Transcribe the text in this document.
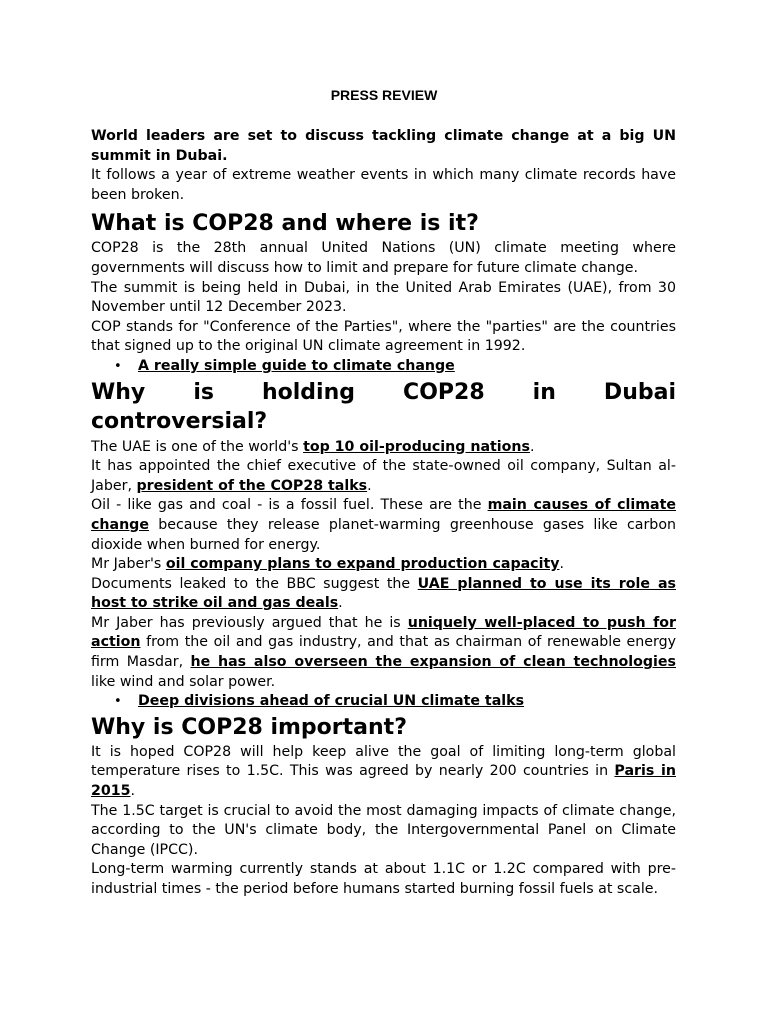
PRESS REVIEW

World leaders are set to discuss tackling climate change at a big UN summit in Dubai.

It follows a year of extreme weather events in which many climate records have been broken.

What is COP28 and where is it?

COP28 is the 28th annual United Nations (UN) climate meeting where governments will discuss how to limit and prepare for future climate change.

The summit is being held in Dubai, in the United Arab Emirates (UAE), from 30 November until 12 December 2023.

COP stands for "Conference of the Parties", where the "parties" are the countries that signed up to the original UN climate agreement in 1992.

• A really simple guide to climate change
Why is holding COP28 in Dubai
controversial?

The UAE is one of the world's top 10 oil-producing nations.

It has appointed the chief executive of the state-owned oil company, Sultan al-Jaber, president of the COP28 talks.

Oil - like gas and coal - is a fossil fuel. These are the main causes of climate change because they release planet-warming greenhouse gases like carbon dioxide when burned for energy.

Mr Jaber's oil company plans to expand production capacity.

Documents leaked to the BBC suggest the UAE planned to use its role as host to strike oil and gas deals.

Mr Jaber has previously argued that he is uniquely well-placed to push for action from the oil and gas industry, and that as chairman of renewable energy firm Masdar, he has also overseen the expansion of clean technologies like wind and solar power.

• Deep divisions ahead of crucial UN climate talks
Why is COP28 important?

It is hoped COP28 will help keep alive the goal of limiting long-term global temperature rises to 1.5C. This was agreed by nearly 200 countries in Paris in 2015.

The 1.5C target is crucial to avoid the most damaging impacts of climate change, according to the UN's climate body, the Intergovernmental Panel on Climate Change (IPCC).

Long-term warming currently stands at about 1.1C or 1.2C compared with pre-industrial times - the period before humans started burning fossil fuels at scale.
